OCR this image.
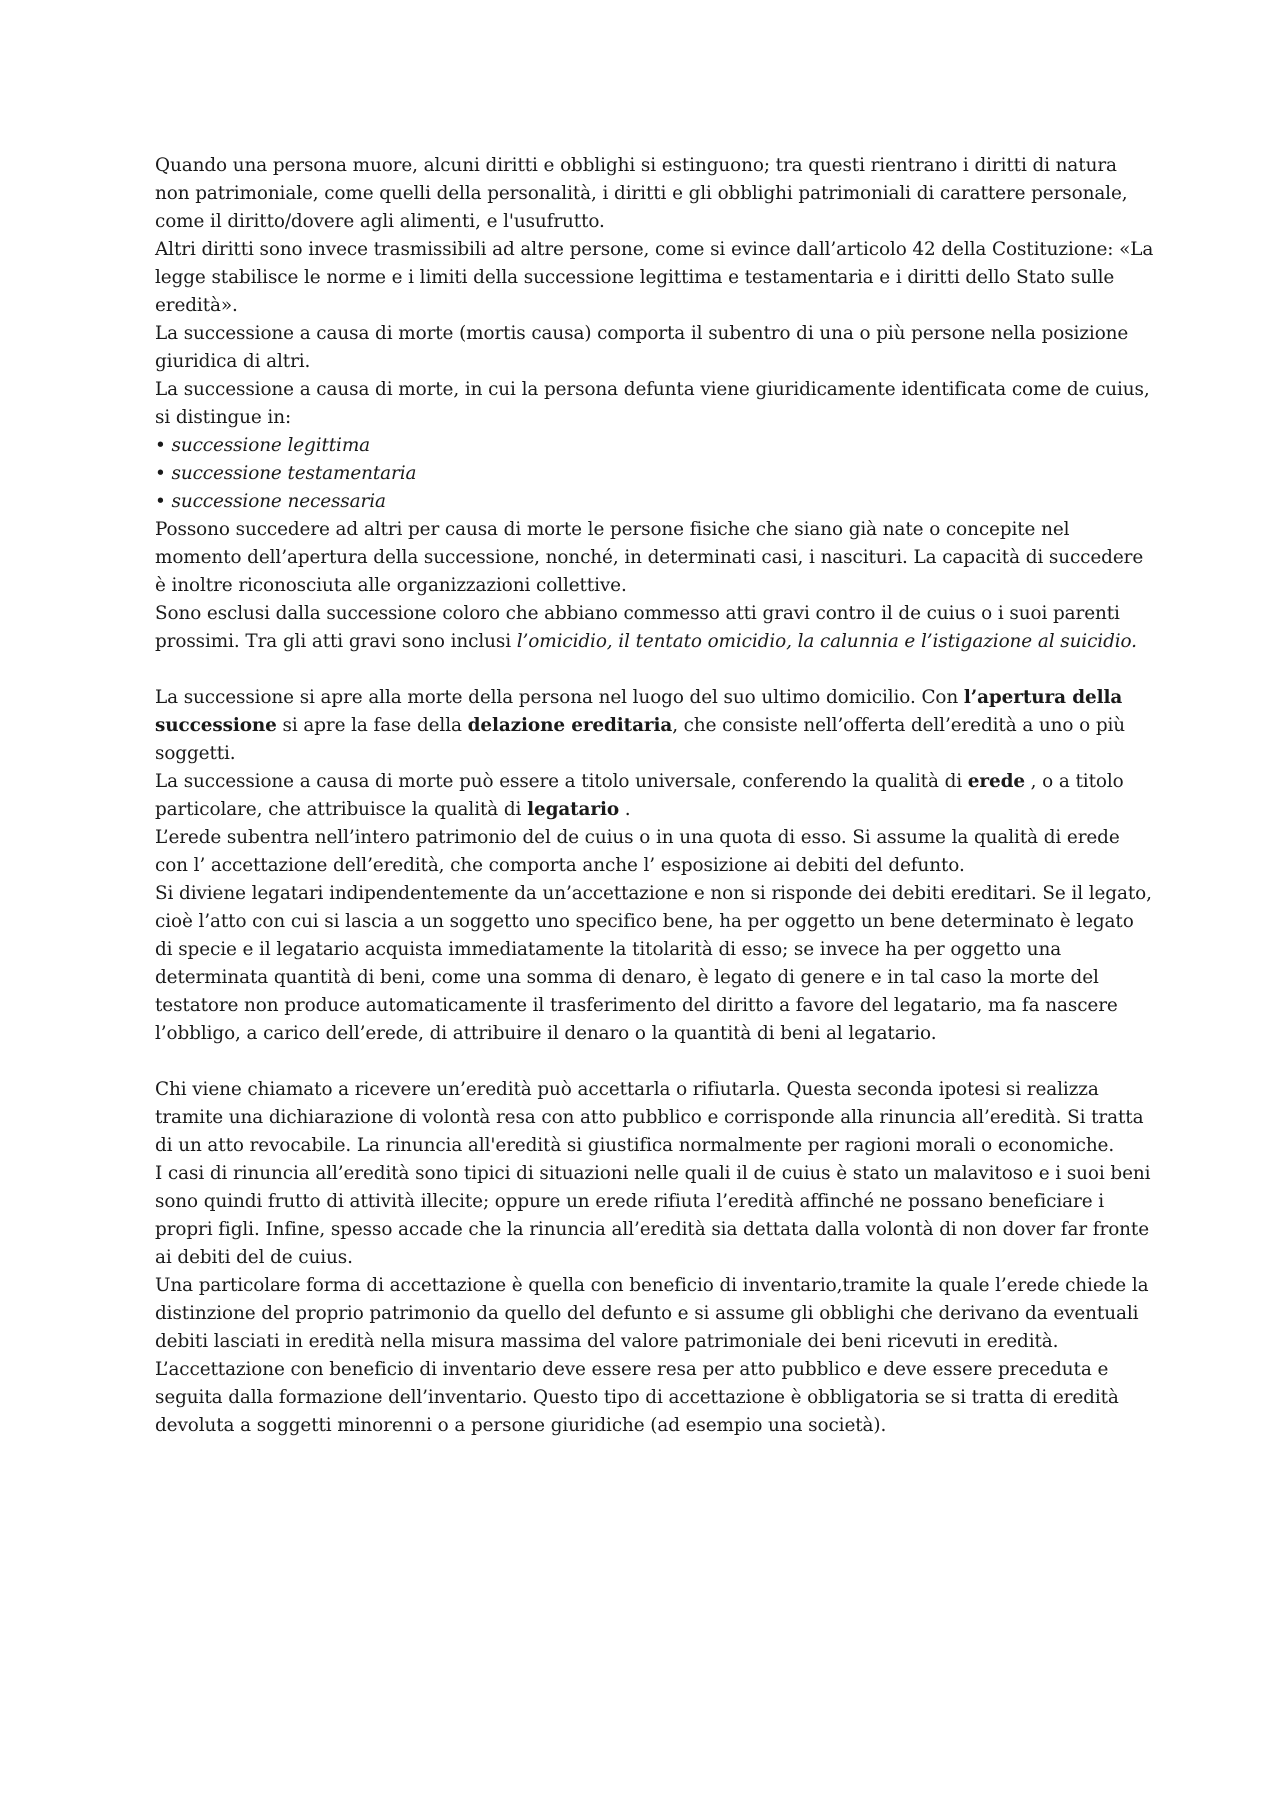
Quando una persona muore, alcuni diritti e obblighi si estinguono; tra questi rientrano i diritti di natura non patrimoniale, come quelli della personalità, i diritti e gli obblighi patrimoniali di carattere personale, come il diritto/dovere agli alimenti, e l'usufrutto.

Altri diritti sono invece trasmissibili ad altre persone, come si evince dall’articolo 42 della Costituzione: «La legge stabilisce le norme e i limiti della successione legittima e testamentaria e i diritti dello Stato sulle eredità».

La successione a causa di morte (mortis causa) comporta il subentro di una o più persone nella posizione giuridica di altri.

La successione a causa di morte, in cui la persona defunta viene giuridicamente identificata come de cuius, si distingue in:

• successione legittima

• successione testamentaria

• successione necessaria

Possono succedere ad altri per causa di morte le persone fisiche che siano già nate o concepite nel momento dell’apertura della successione, nonché, in determinati casi, i nascituri. La capacità di succedere è inoltre riconosciuta alle organizzazioni collettive.

Sono esclusi dalla successione coloro che abbiano commesso atti gravi contro il de cuius o i suoi parenti prossimi. Tra gli atti gravi sono inclusi l’omicidio, il tentato omicidio, la calunnia e l’istigazione al suicidio.

La successione si apre alla morte della persona nel luogo del suo ultimo domicilio. Con l’apertura della successione si apre la fase della delazione ereditaria, che consiste nell’offerta dell’eredità a uno o più soggetti.

La successione a causa di morte può essere a titolo universale, conferendo la qualità di erede , o a titolo particolare, che attribuisce la qualità di legatario .

L’erede subentra nell’intero patrimonio del de cuius o in una quota di esso. Si assume la qualità di erede con l’ accettazione dell’eredità, che comporta anche l’ esposizione ai debiti del defunto.

Si diviene legatari indipendentemente da un’accettazione e non si risponde dei debiti ereditari. Se il legato, cioè l’atto con cui si lascia a un soggetto uno specifico bene, ha per oggetto un bene determinato è legato di specie e il legatario acquista immediatamente la titolarità di esso; se invece ha per oggetto una determinata quantità di beni, come una somma di denaro, è legato di genere e in tal caso la morte del testatore non produce automaticamente il trasferimento del diritto a favore del legatario, ma fa nascere l’obbligo, a carico dell’erede, di attribuire il denaro o la quantità di beni al legatario.

Chi viene chiamato a ricevere un’eredità può accettarla o rifiutarla. Questa seconda ipotesi si realizza tramite una dichiarazione di volontà resa con atto pubblico e corrisponde alla rinuncia all’eredità. Si tratta di un atto revocabile. La rinuncia all'eredità si giustifica normalmente per ragioni morali o economiche.

I casi di rinuncia all’eredità sono tipici di situazioni nelle quali il de cuius è stato un malavitoso e i suoi beni sono quindi frutto di attività illecite; oppure un erede rifiuta l’eredità affinché ne possano beneficiare i propri figli. Infine, spesso accade che la rinuncia all’eredità sia dettata dalla volontà di non dover far fronte ai debiti del de cuius.

Una particolare forma di accettazione è quella con beneficio di inventario,tramite la quale l’erede chiede la distinzione del proprio patrimonio da quello del defunto e si assume gli obblighi che derivano da eventuali debiti lasciati in eredità nella misura massima del valore patrimoniale dei beni ricevuti in eredità. L’accettazione con beneficio di inventario deve essere resa per atto pubblico e deve essere preceduta e seguita dalla formazione dell’inventario. Questo tipo di accettazione è obbligatoria se si tratta di eredità devoluta a soggetti minorenni o a persone giuridiche (ad esempio una società).
